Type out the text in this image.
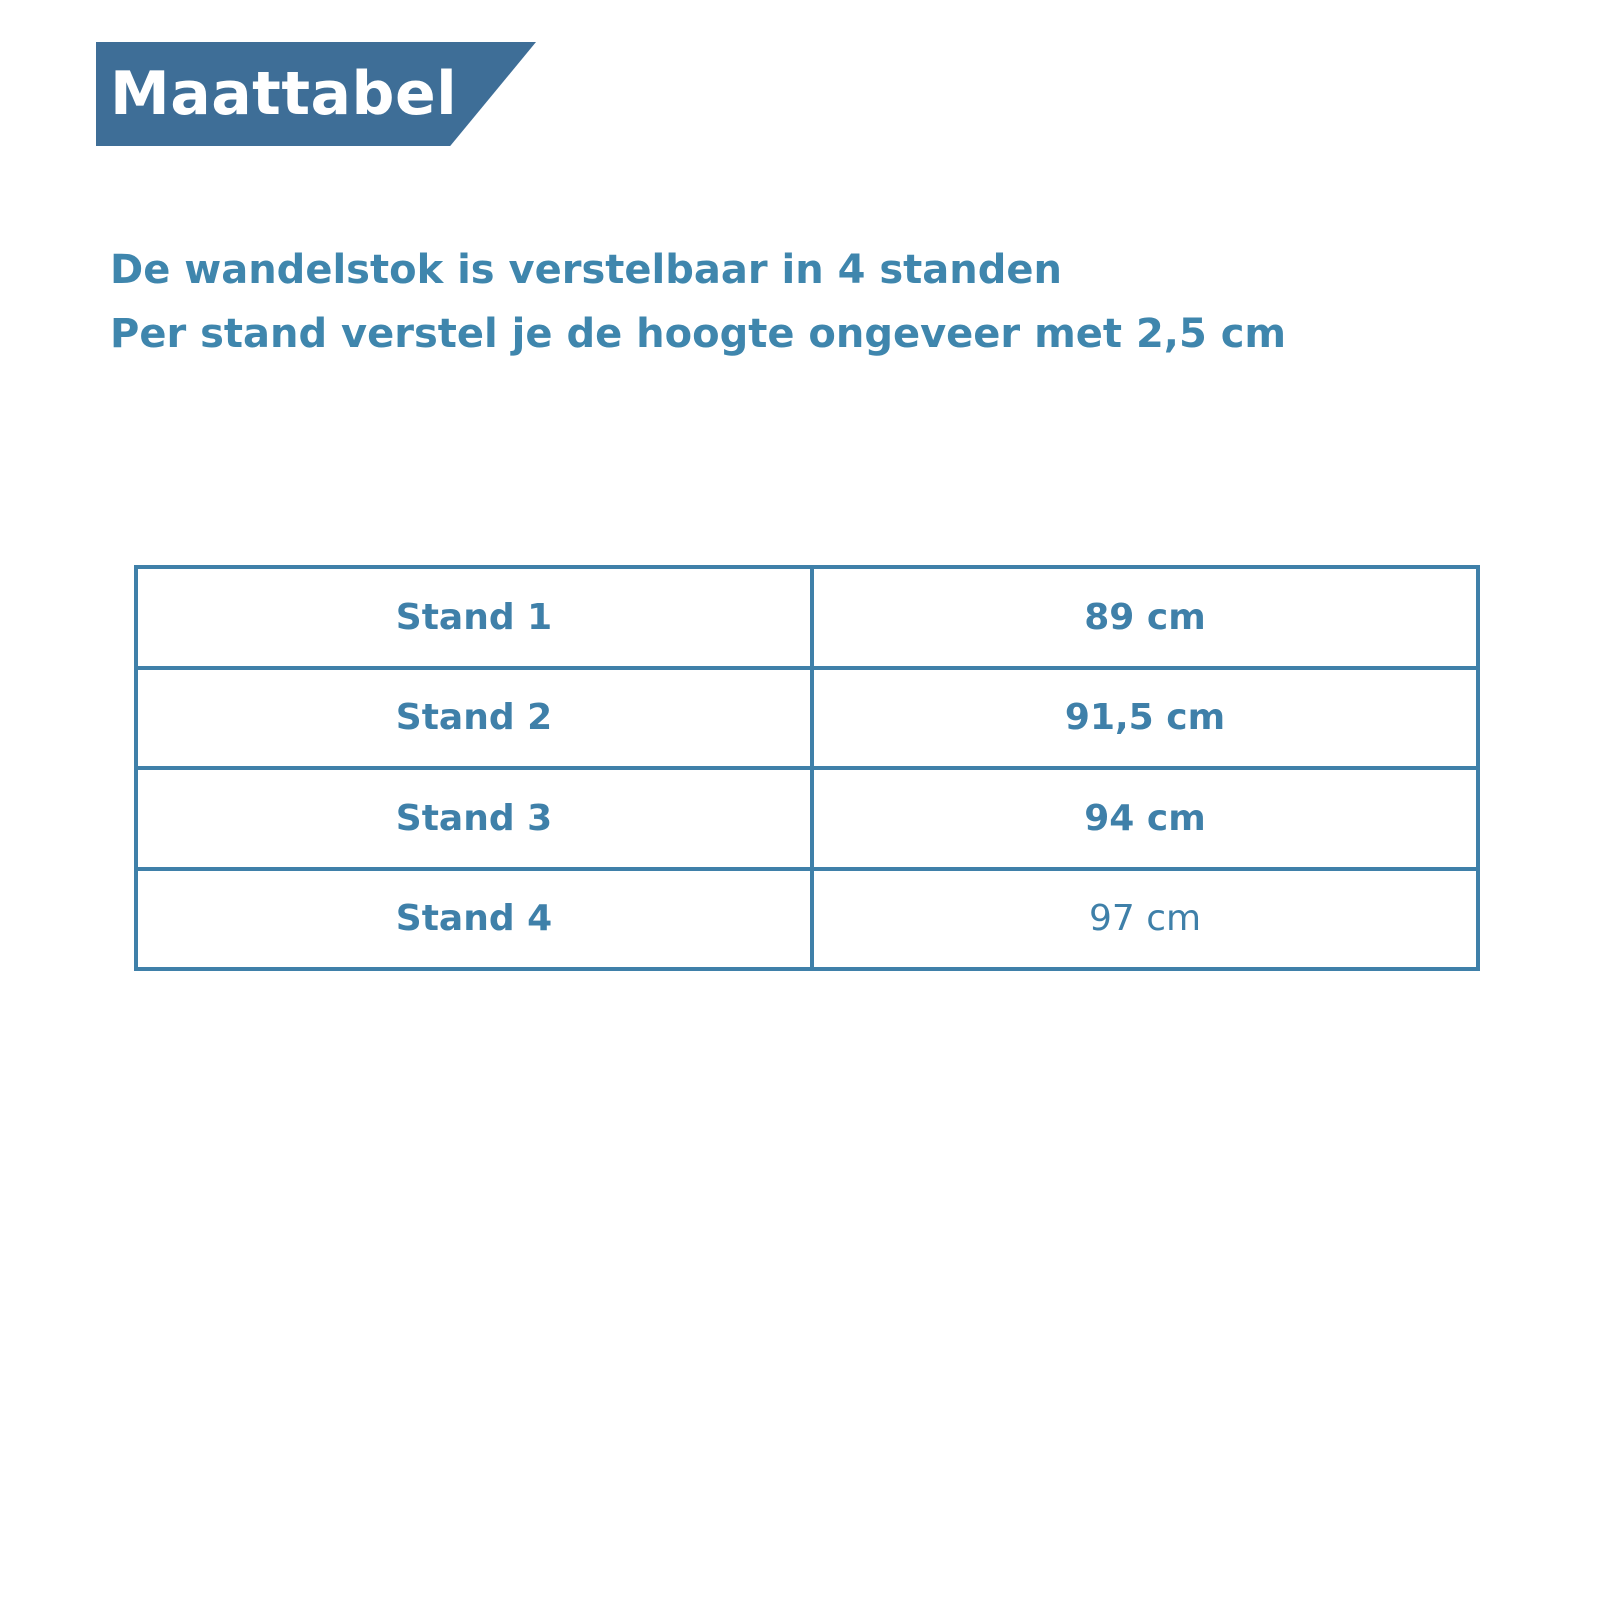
Maattabel
De wandelstok is verstelbaar in 4 standen
Per stand verstel je de hoogte ongeveer met 2,5 cm
Stand 1	89 cm
Stand 2	91,5 cm
Stand 3	94 cm
Stand 4	97 cm
